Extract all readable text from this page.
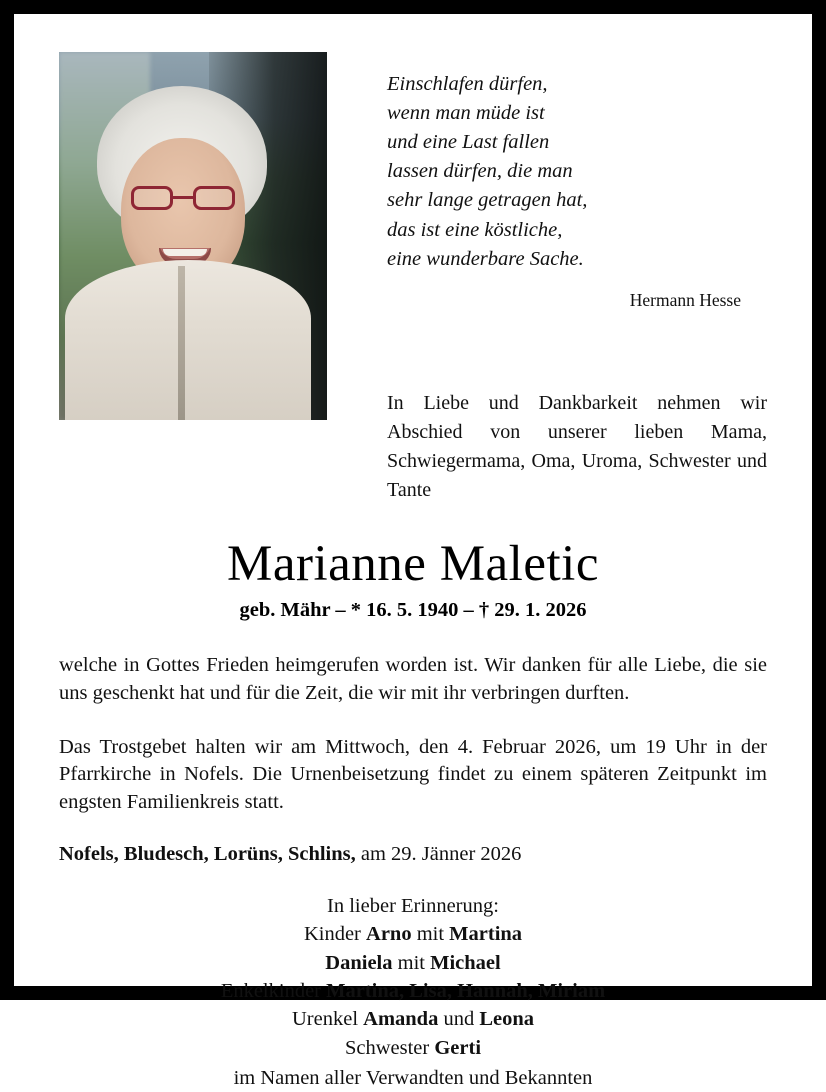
Einschlafen dürfen,
wenn man müde ist
und eine Last fallen
lassen dürfen, die man
sehr lange getragen hat,
das ist eine köstliche,
eine wunderbare Sache.
Hermann Hesse
In Liebe und Dankbarkeit nehmen wir Abschied von unserer lieben Mama, Schwiegermama, Oma, Uroma, Schwester und Tante
Marianne Maletic
geb. Mähr – * 16. 5. 1940 – † 29. 1. 2026
welche in Gottes Frieden heimgerufen worden ist. Wir danken für alle Liebe, die sie uns geschenkt hat und für die Zeit, die wir mit ihr verbringen durften.
Das Trostgebet halten wir am Mittwoch, den 4. Februar 2026, um 19 Uhr in der Pfarrkirche in Nofels. Die Urnenbeisetzung findet zu einem späteren Zeitpunkt im engsten Familienkreis statt.
Nofels, Bludesch, Lorüns, Schlins, am 29. Jänner 2026
In lieber Erinnerung:
Kinder Arno mit Martina
Daniela mit Michael
Enkelkinder Martina, Lisa, Hannah, Miriam
Urenkel Amanda und Leona
Schwester Gerti
im Namen aller Verwandten und Bekannten
